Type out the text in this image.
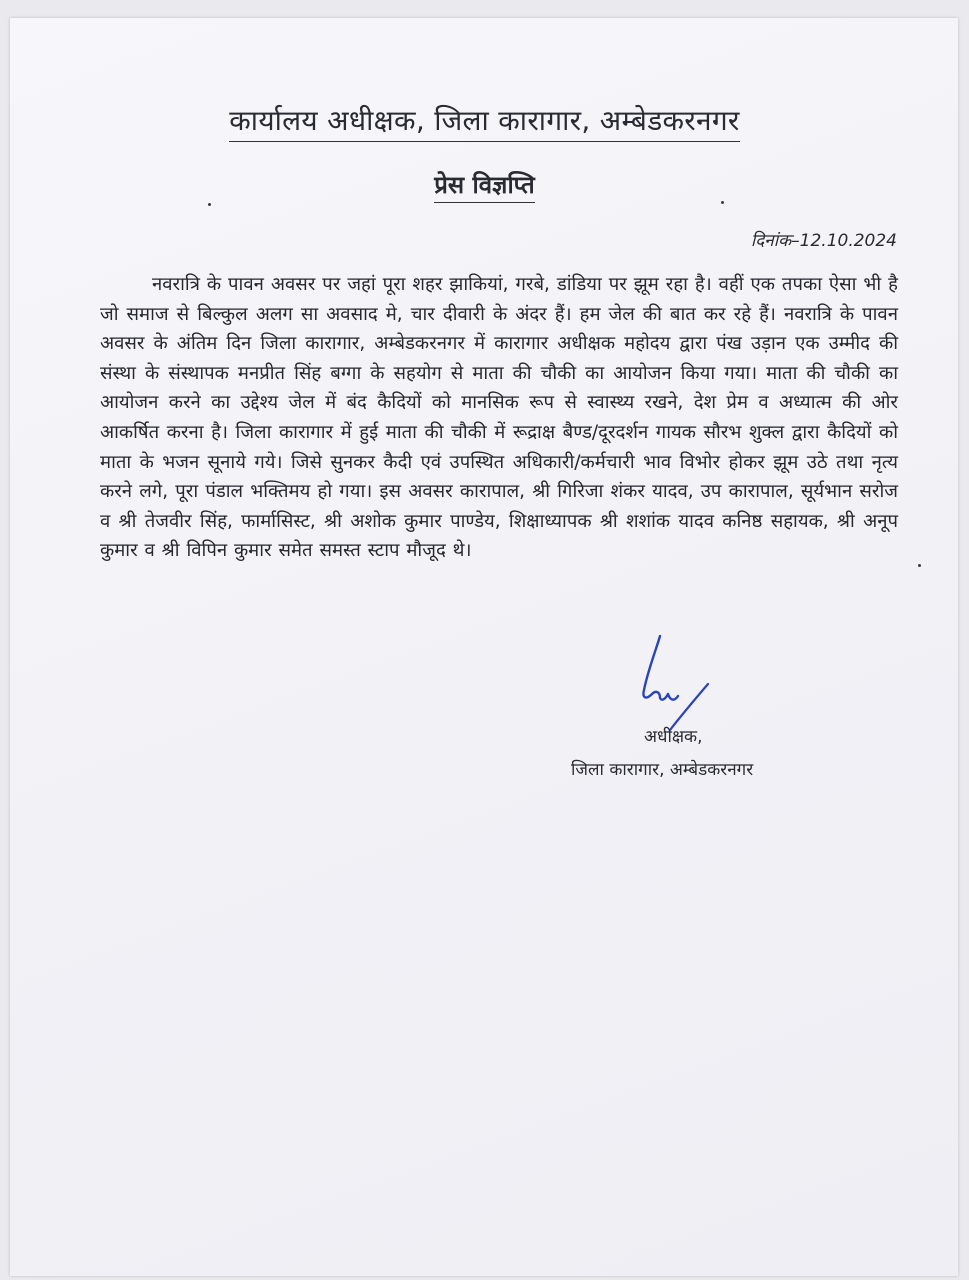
कार्यालय अधीक्षक, जिला कारागार, अम्बेडकरनगर
प्रेस विज्ञप्ति
दिनांक–12.10.2024

नवरात्रि के पावन अवसर पर जहां पूरा शहर झाकियां, गरबे, डांडिया पर झूम रहा है। वहीं एक तपका ऐसा भी है जो समाज से बिल्कुल अलग सा अवसाद मे, चार दीवारी के अंदर हैं। हम जेल की बात कर रहे हैं। नवरात्रि के पावन अवसर के अंतिम दिन जिला कारागार, अम्बेडकरनगर में कारागार अधीक्षक महोदय द्वारा पंख उड़ान एक उम्मीद की संस्था के संस्थापक मनप्रीत सिंह बग्गा के सहयोग से माता की चौकी का आयोजन किया गया। माता की चौकी का आयोजन करने का उद्देश्य जेल में बंद कैदियों को मानसिक रूप से स्वास्थ्य रखने, देश प्रेम व अध्यात्म की ओर आकर्षित करना है। जिला कारागार में हुई माता की चौकी में रूद्राक्ष बैण्ड/दूरदर्शन गायक सौरभ शुक्ल द्वारा कैदियों को माता के भजन सूनाये गये। जिसे सुनकर कैदी एवं उपस्थित अधिकारी/कर्मचारी भाव विभोर होकर झूम उठे तथा नृत्य करने लगे, पूरा पंडाल भक्तिमय हो गया। इस अवसर कारापाल, श्री गिरिजा शंकर यादव, उप कारापाल, सूर्यभान सरोज व श्री तेजवीर सिंह, फार्मासिस्ट, श्री अशोक कुमार पाण्डेय, शिक्षाध्यापक श्री शशांक यादव कनिष्ठ सहायक, श्री अनूप कुमार व श्री विपिन कुमार समेत समस्त स्टाप मौजूद थे।

अधीक्षक,
जिला कारागार, अम्बेडकरनगर
